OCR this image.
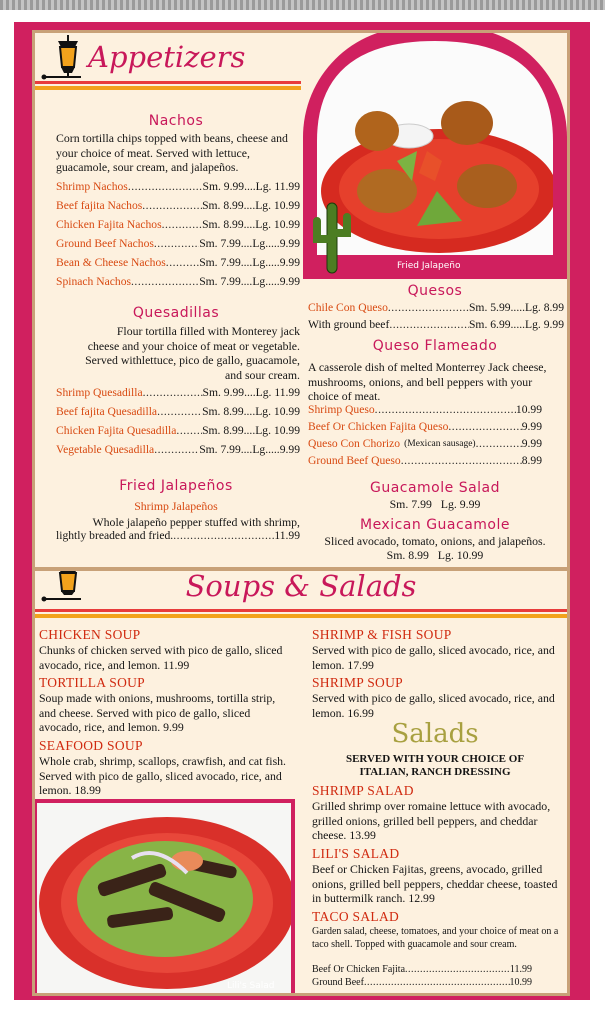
Appetizers
Fried Jalapeño
Nachos
Corn tortilla chips topped with beans, cheese and your choice of meat. Served with lettuce, guacamole, sour cream, and jalapeños.
Shrimp Nachos .....	Sm. 9.99....Lg. 11.99
Beef fajita Nachos .....	Sm. 8.99....Lg. 10.99
Chicken Fajita Nachos .....	Sm. 8.99....Lg. 10.99
Ground Beef Nachos .....	Sm. 7.99....Lg.....9.99
Bean & Cheese Nachos .....	Sm. 7.99....Lg.....9.99
Spinach Nachos .....	Sm. 7.99....Lg.....9.99
Quesadillas
Flour tortilla filled with Monterey jack
cheese and your choice of meat or vegetable.
Served withlettuce, pico de gallo, guacamole,
and sour cream.
Shrimp Quesadilla .....	Sm. 9.99....Lg. 11.99
Beef fajita Quesadilla .....	Sm. 8.99....Lg. 10.99
Chicken Fajita Quesadilla ..... Sm. 8.99....Lg. 10.99
Vegetable Quesadilla .....	Sm. 7.99....Lg.....9.99
Fried Jalapeños
Shrimp Jalapeños
Whole jalapeño pepper stuffed with shrimp,
lightly breaded and fried. .....	11.99
Quesos
Chile Con Queso .....	Sm. 5.99.....Lg. 8.99
With ground beef .....	Sm. 6.99.....Lg. 9.99
Queso Flameado
A casserole dish of melted Monterrey Jack cheese, mushrooms, onions, and bell peppers with your choice of meat.
Shrimp Queso .....	10.99
Beef Or Chicken Fajita Queso .....	9.99
Queso Con Chorizo (Mexican sausage) .....	9.99
Ground Beef Queso .....	8.99
Guacamole Salad
Sm. 7.99   Lg. 9.99
Mexican Guacamole
Sliced avocado, tomato, onions, and jalapeños.
Sm. 8.99   Lg. 10.99
Soups & Salads
CHICKEN SOUP
Chunks of chicken served with pico de gallo, sliced avocado, rice, and lemon. 11.99
TORTILLA SOUP
Soup made with onions, mushrooms, tortilla strip, and cheese. Served with pico de gallo, sliced avocado, rice, and lemon. 9.99
SEAFOOD SOUP
Whole crab, shrimp, scallops, crawfish, and cat fish. Served with pico de gallo, sliced avocado, rice, and lemon. 18.99
Lili's Salad
SHRIMP & FISH SOUP
Served with pico de gallo, sliced avocado, rice, and lemon. 17.99
SHRIMP SOUP
Served with pico de gallo, sliced avocado, rice, and lemon. 16.99
Salads
SERVED WITH YOUR CHOICE OF
ITALIAN, RANCH DRESSING
SHRIMP SALAD
Grilled shrimp over romaine lettuce with avocado, grilled onions, grilled bell peppers, and cheddar cheese. 13.99
LILI'S SALAD
Beef or Chicken Fajitas, greens, avocado, grilled onions, grilled bell peppers, cheddar cheese, toasted in buttermilk ranch. 12.99
TACO SALAD
Garden salad, cheese, tomatoes, and your choice of meat on a taco shell. Topped with guacamole and sour cream.
Beef Or Chicken Fajita .....	11.99
Ground Beef .....	10.99
